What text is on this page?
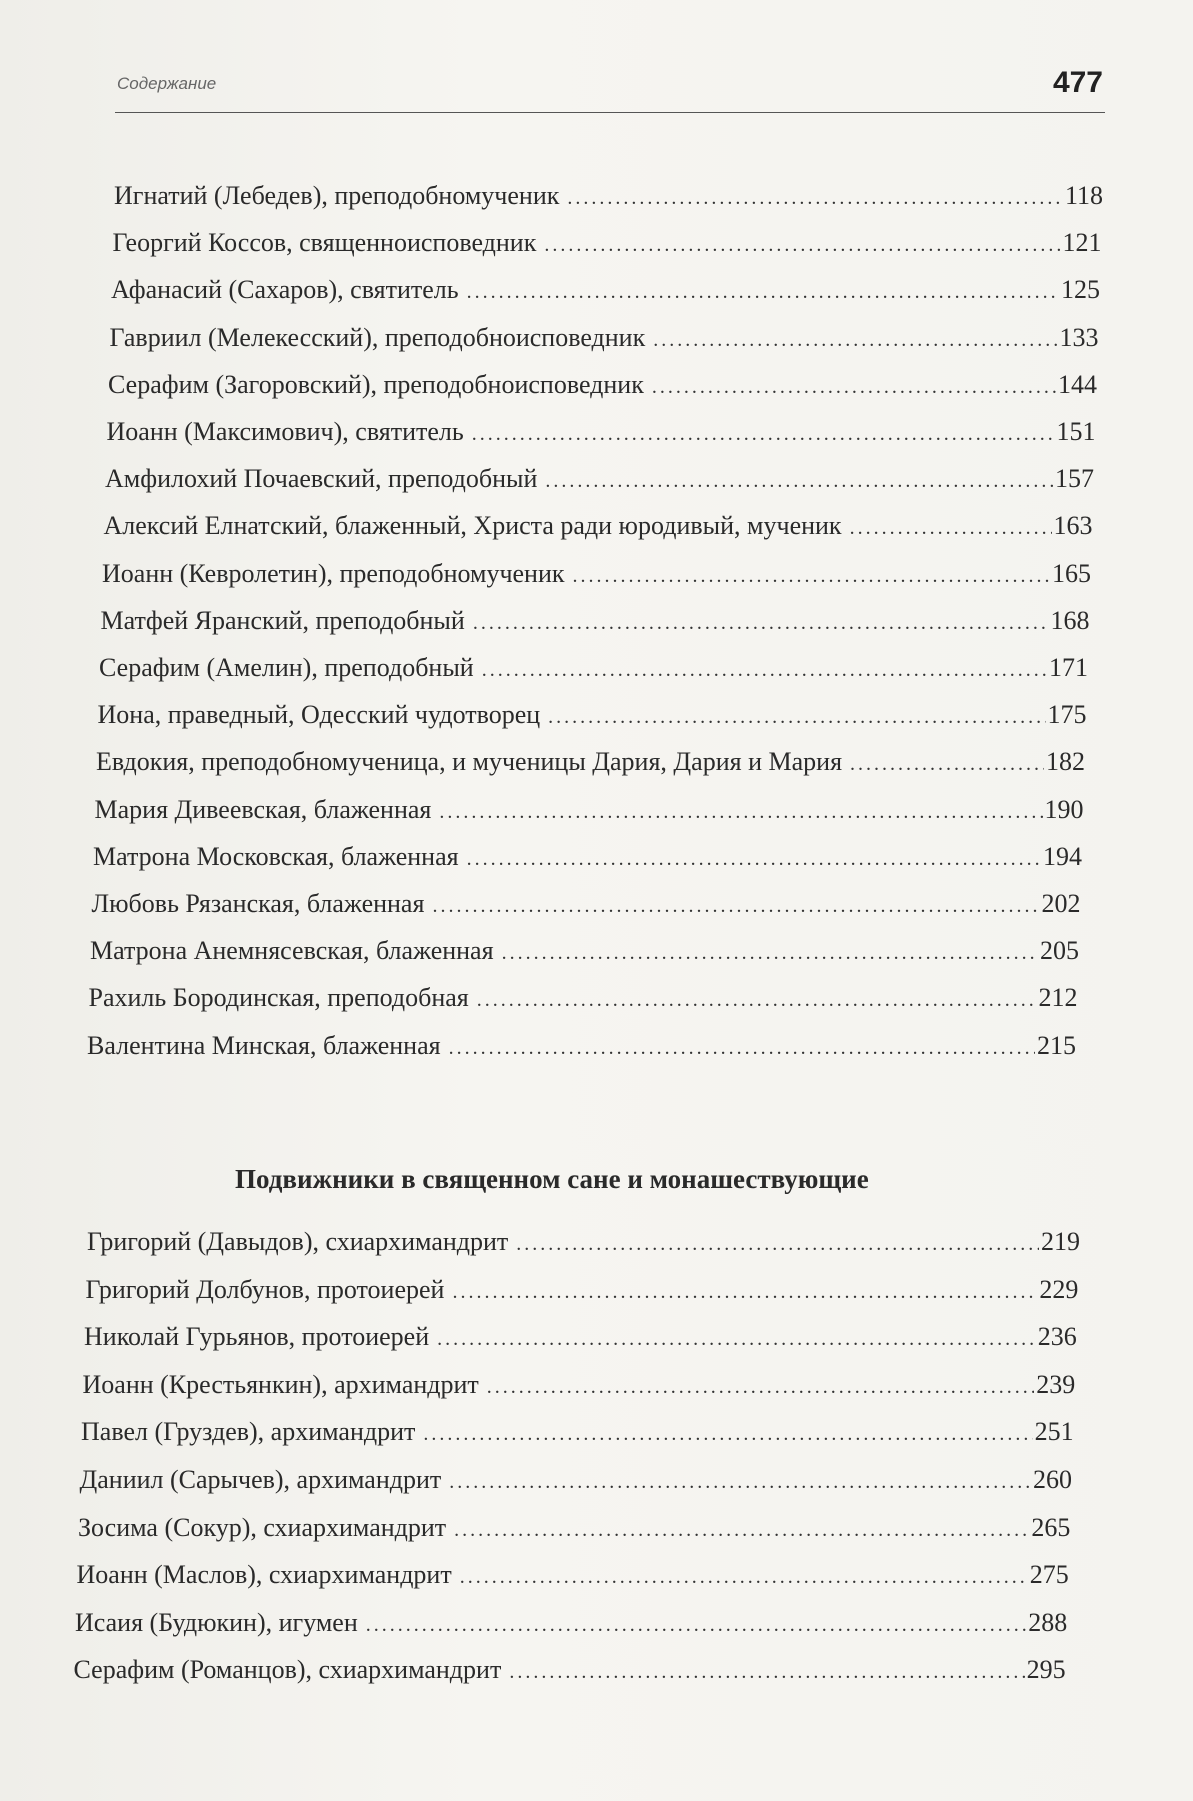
Содержание	477
Подвижники в священном сане и монашествующие
Игнатий (Лебедев), преподобномученик . . .	118
Георгий Коссов, священноисповедник . . .	121
Афанасий (Сахаров), святитель . . .	125
Гавриил (Мелекесский), преподобноисповедник . . .	133
Серафим (Загоровский), преподобноисповедник . . .	144
Иоанн (Максимович), святитель . . .	151
Амфилохий Почаевский, преподобный . . .	157
Алексий Елнатский, блаженный, Христа ради юродивый, мученик . . .	163
Иоанн (Кевролетин), преподобномученик . . .	165
Матфей Яранский, преподобный . . .	168
Серафим (Амелин), преподобный . . .	171
Иона, праведный, Одесский чудотворец . . .	175
Евдокия, преподобномученица, и мученицы Дария, Дария и Мария . . .	182
Мария Дивеевская, блаженная . . .	190
Матрона Московская, блаженная . . .	194
Любовь Рязанская, блаженная . . .	202
Матрона Анемнясевская, блаженная . . .	205
Рахиль Бородинская, преподобная . . .	212
Валентина Минская, блаженная . . .	215
Григорий (Давыдов), схиархимандрит . . .	219
Григорий Долбунов, протоиерей . . .	229
Николай Гурьянов, протоиерей . . .	236
Иоанн (Крестьянкин), архимандрит . . .	239
Павел (Груздев), архимандрит . . .	251
Даниил (Сарычев), архимандрит . . .	260
Зосима (Сокур), схиархимандрит . . .	265
Иоанн (Маслов), схиархимандрит . . .	275
Исаия (Будюкин), игумен . . .	288
Серафим (Романцов), схиархимандрит . . .	295
